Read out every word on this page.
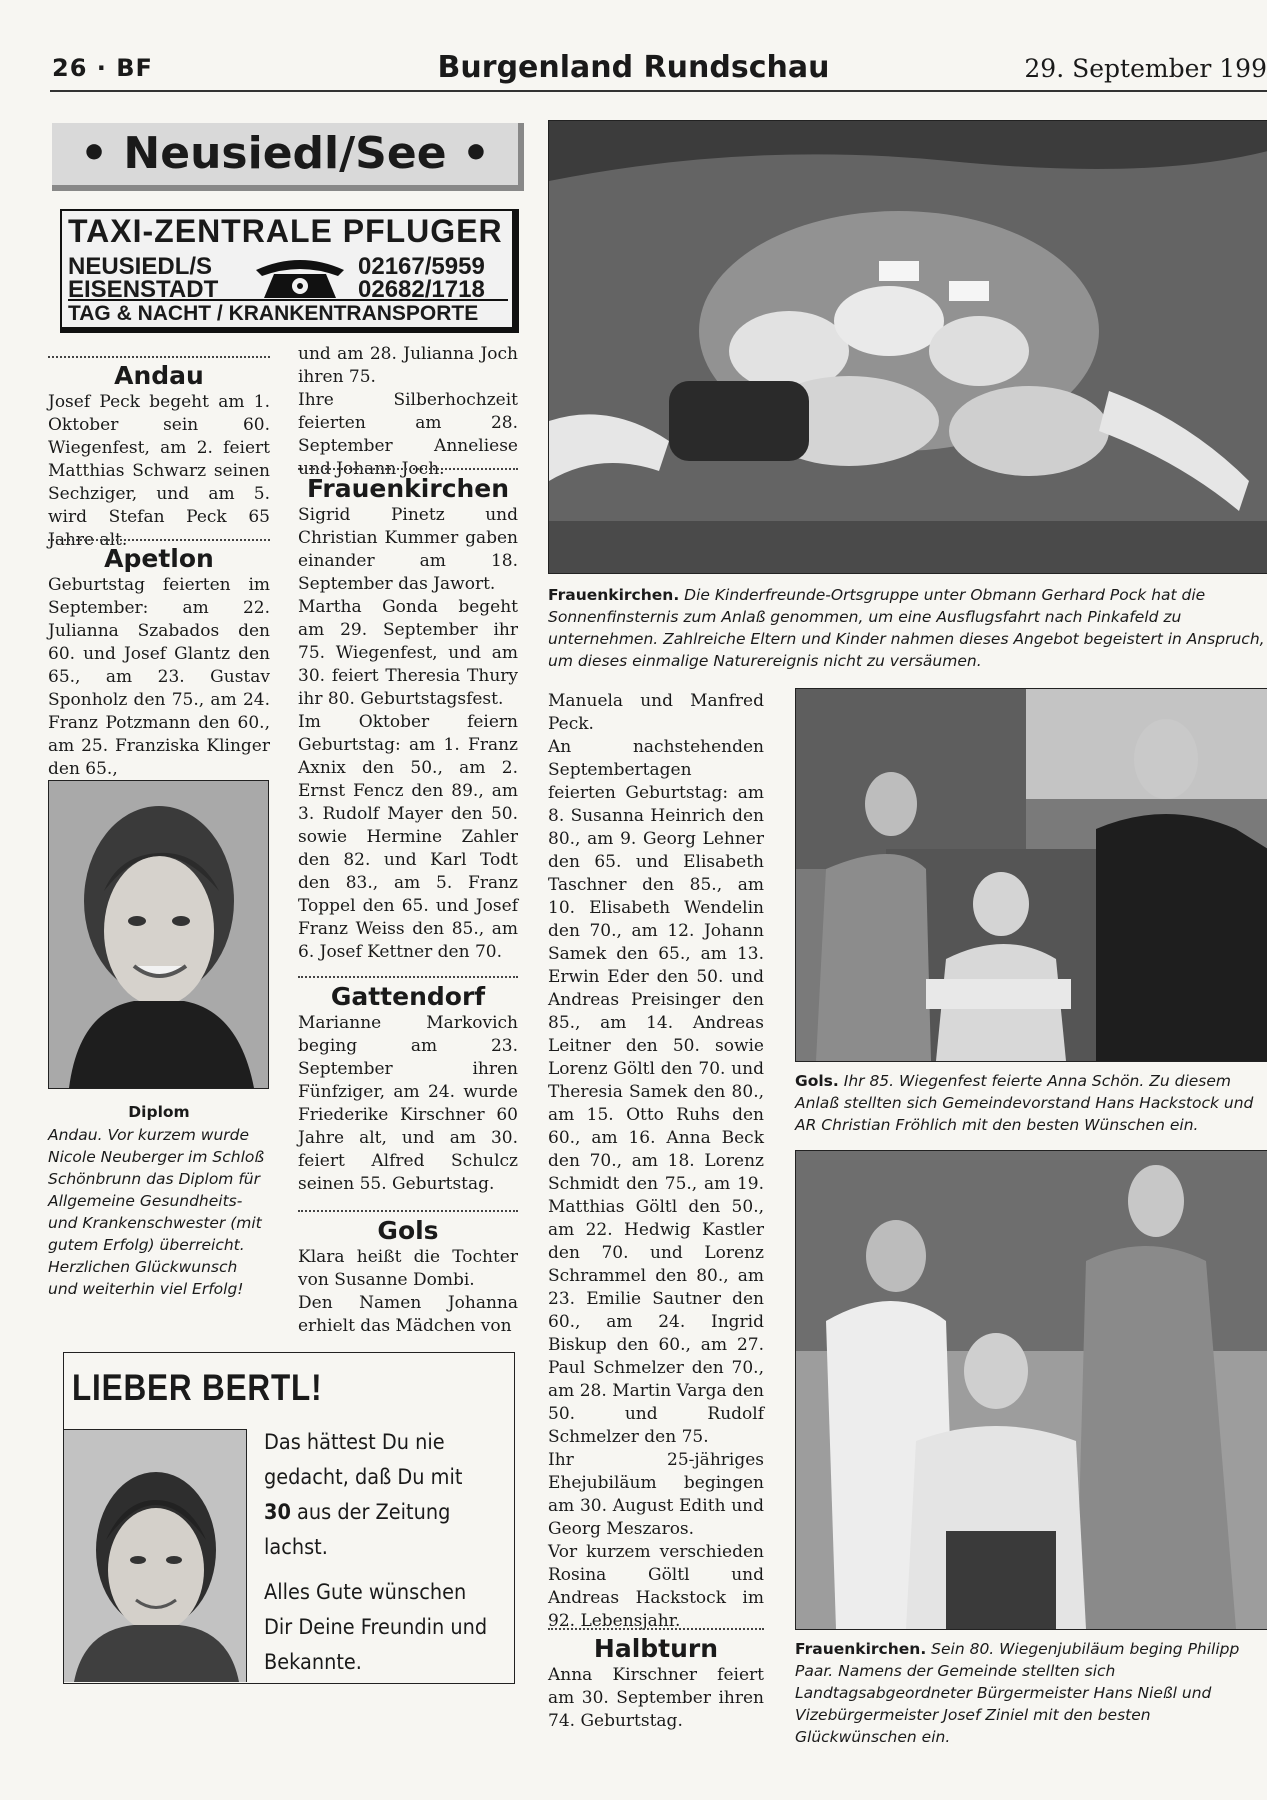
26 · BF	Burgenland Rundschau	29. September 199
• Neusiedl/See •
TAXI-ZENTRALE PFLUGER
NEUSIEDL/S	02167/5959
EISENSTADT	02682/1718
TAG & NACHT / KRANKENTRANSPORTE
Andau

Josef Peck begeht am 1. Oktober sein 60. Wiegenfest, am 2. feiert Matthias Schwarz seinen Sechziger, und am 5. wird Stefan Peck 65 Jahre alt.

Apetlon

Geburtstag feierten im September: am 22. Julianna Szabados den 60. und Josef Glantz den 65., am 23. Gustav Sponholz den 75., am 24. Franz Potzmann den 60., am 25. Franziska Klinger den 65.,

Diplom
Andau. Vor kurzem wurde Nicole Neuberger im Schloß Schönbrunn das Diplom für Allgemeine Gesundheits- und Krankenschwester (mit gutem Erfolg) überreicht. Herzlichen Glückwunsch und weiterhin viel Erfolg!

und am 28. Julianna Joch ihren 75.

Ihre Silberhochzeit feierten am 28. September Anneliese und Johann Joch.

Frauenkirchen

Sigrid Pinetz und Christian Kummer gaben einander am 18. September das Jawort.

Martha Gonda begeht am 29. September ihr 75. Wiegenfest, und am 30. feiert Theresia Thury ihr 80. Geburtstagsfest.

Im Oktober feiern Geburtstag: am 1. Franz Axnix den 50., am 2. Ernst Fencz den 89., am 3. Rudolf Mayer den 50. sowie Hermine Zahler den 82. und Karl Todt den 83., am 5. Franz Toppel den 65. und Josef Franz Weiss den 85., am 6. Josef Kettner den 70.

Gattendorf

Marianne Markovich beging am 23. September ihren Fünfziger, am 24. wurde Friederike Kirschner 60 Jahre alt, und am 30. feiert Alfred Schulcz seinen 55. Geburtstag.

Gols

Klara heißt die Tochter von Susanne Dombi.

Den Namen Johanna erhielt das Mädchen von

Frauenkirchen. Die Kinderfreunde-Ortsgruppe unter Obmann Gerhard Pock hat die Sonnenfinsternis zum Anlaß genommen, um eine Ausflugsfahrt nach Pinkafeld zu unternehmen. Zahlreiche Eltern und Kinder nahmen dieses Angebot begeistert in Anspruch, um dieses einmalige Naturereignis nicht zu versäumen.

Manuela und Manfred Peck.

An nachstehenden Septembertagen feierten Geburtstag: am 8. Susanna Heinrich den 80., am 9. Georg Lehner den 65. und Elisabeth Taschner den 85., am 10. Elisabeth Wendelin den 70., am 12. Johann Samek den 65., am 13. Erwin Eder den 50. und Andreas Preisinger den 85., am 14. Andreas Leitner den 50. sowie Lorenz Göltl den 70. und Theresia Samek den 80., am 15. Otto Ruhs den 60., am 16. Anna Beck den 70., am 18. Lorenz Schmidt den 75., am 19. Matthias Göltl den 50., am 22. Hedwig Kastler den 70. und Lorenz Schrammel den 80., am 23. Emilie Sautner den 60., am 24. Ingrid Biskup den 60., am 27. Paul Schmelzer den 70., am 28. Martin Varga den 50. und Rudolf Schmelzer den 75.

Ihr 25-jähriges Ehejubiläum begingen am 30. August Edith und Georg Meszaros.

Vor kurzem verschieden Rosina Göltl und Andreas Hackstock im 92. Lebensjahr.

Halbturn

Anna Kirschner feiert am 30. September ihren 74. Geburtstag.

Gols. Ihr 85. Wiegenfest feierte Anna Schön. Zu diesem Anlaß stellten sich Gemeindevorstand Hans Hackstock und AR Christian Fröhlich mit den besten Wünschen ein.
Frauenkirchen. Sein 80. Wiegenjubiläum beging Philipp Paar. Namens der Gemeinde stellten sich Landtagsabgeordneter Bürgermeister Hans Nießl und Vizebürgermeister Josef Ziniel mit den besten Glückwünschen ein.
LIEBER BERTL!
Das hättest Du nie gedacht, daß Du mit 30 aus der Zeitung lachst.
Alles Gute wünschen Dir Deine Freundin und Bekannte.
